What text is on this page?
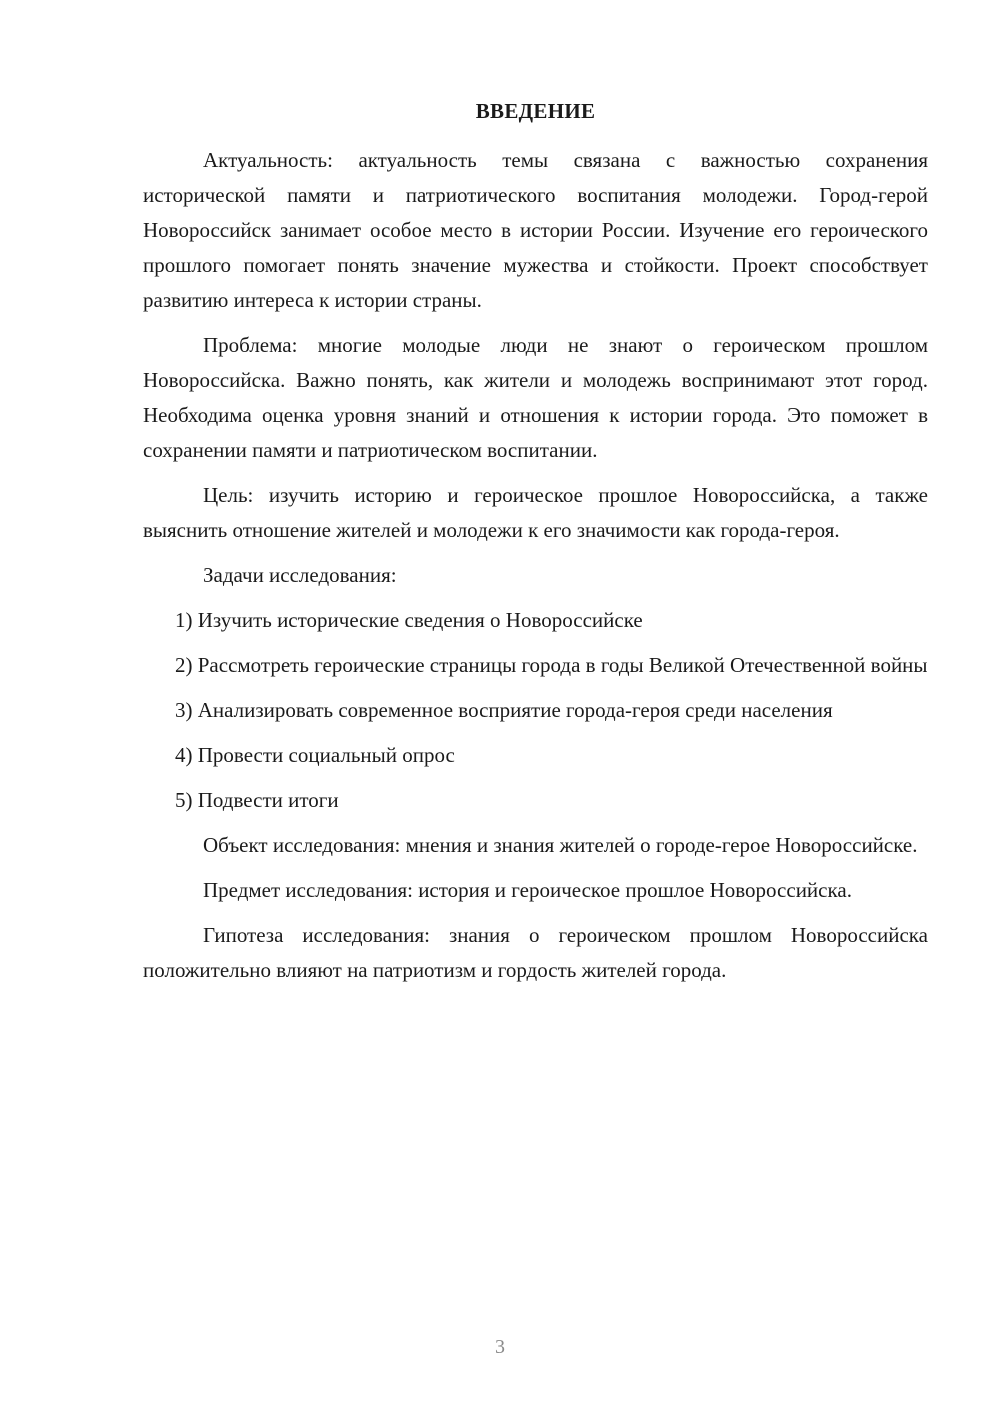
ВВЕДЕНИЕ

Актуальность: актуальность темы связана с важностью сохранения исторической памяти и патриотического воспитания молодежи. Город-герой Новороссийск занимает особое место в истории России. Изучение его героического прошлого помогает понять значение мужества и стойкости. Проект способствует развитию интереса к истории страны.

Проблема: многие молодые люди не знают о героическом прошлом Новороссийска. Важно понять, как жители и молодежь воспринимают этот город. Необходима оценка уровня знаний и отношения к истории города. Это поможет в сохранении памяти и патриотическом воспитании.

Цель: изучить историю и героическое прошлое Новороссийска, а также выяснить отношение жителей и молодежи к его значимости как города-героя.

Задачи исследования:

1) Изучить исторические сведения о Новороссийске

2) Рассмотреть героические страницы города в годы Великой Отечественной войны

3) Анализировать современное восприятие города-героя среди населения

4) Провести социальный опрос

5) Подвести итоги

Объект исследования: мнения и знания жителей о городе-герое Новороссийске.

Предмет исследования: история и героическое прошлое Новороссийска.

Гипотеза исследования: знания о героическом прошлом Новороссийска положительно влияют на патриотизм и гордость жителей города.

3
